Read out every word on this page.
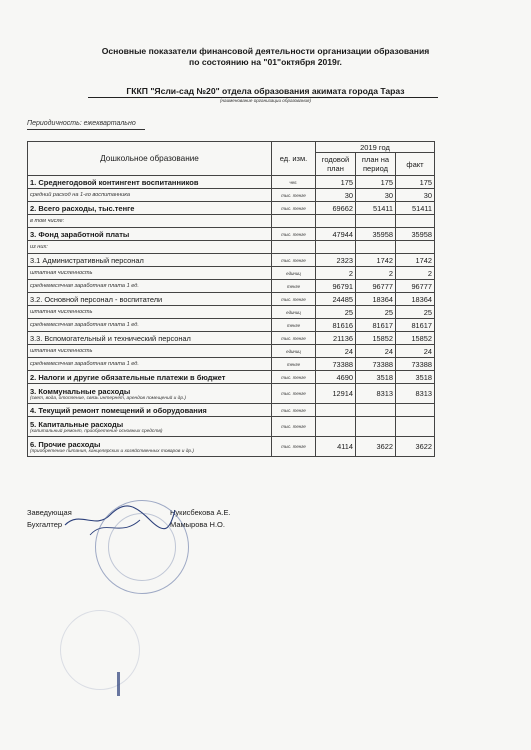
Основные показатели финансовой деятельности организации образования
по состоянию на "01"октября 2019г.
ГККП "Ясли-сад №20" отдела образования акимата города Тараз
(наименование организации образования)
Периодичность: ежеквартально
Дошкольное образование	ед. изм.	2019 год		
		годовой план	план на период	факт
1. Среднегодовой контингент воспитанников	чел.	175	175	175
средний расход на 1-го воспитанника	тыс. тенге	30	30	30
2. Всего расходы, тыс.тенге	тыс. тенге	69662	51411	51411
в том числе:				
3. Фонд заработной платы	тыс. тенге	47944	35958	35958
из них:				
3.1 Административный персонал	тыс. тенге	2323	1742	1742
штатная численность	единиц	2	2	2
среднемесячная заработная плата 1 ед.	тенге	96791	96777	96777
3.2. Основной персонал - воспитатели	тыс. тенге	24485	18364	18364
штатная численность	единиц	25	25	25
среднемесячная заработная плата 1 ед.	тенге	81616	81617	81617
3.3. Вспомогательный и технический персонал	тыс. тенге	21136	15852	15852
штатная численность	единиц	24	24	24
среднемесячная заработная плата 1 ед.	тенге	73388	73388	73388
2. Налоги и другие обязательные платежи в бюджет	тыс. тенге	4690	3518	3518
3. Коммунальные расходы
(свет, вода, отопление, связь интернет, арендов помещений и др.)	тыс. тенге	12914	8313	8313
4. Текущий ремонт помещений и оборудования	тыс. тенге			
5. Капитальные расходы
(капитальный ремонт, приобретение основных средств)	тыс. тенге			
6. Прочие расходы
(приобретение питания, канцелярских и хозяйственных товаров и др.)	тыс. тенге	4114	3622	3622
Заведующая
Бухгалтер
Нукисбекова А.Е.
Мамырова Н.О.
